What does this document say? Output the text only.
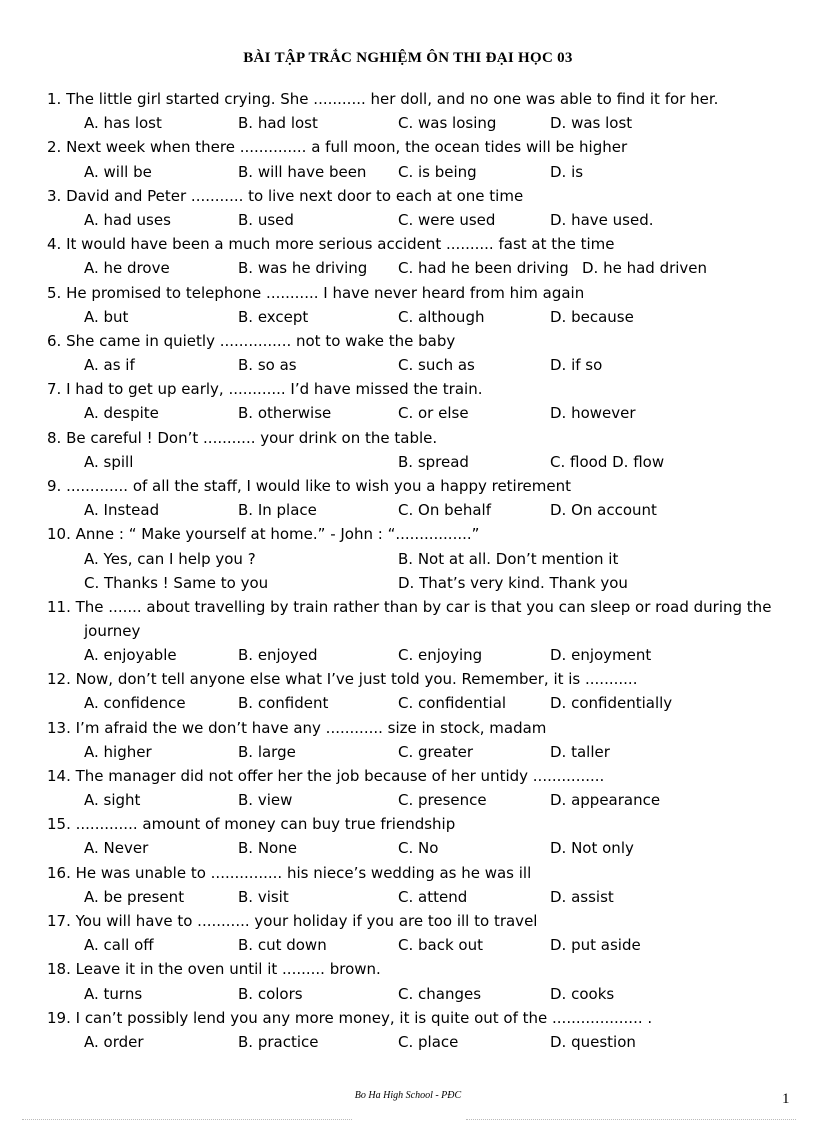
BÀI TẬP TRẮC NGHIỆM ÔN THI ĐẠI HỌC 03
1. The little girl started crying. She ........... her doll, and no one was able to find it for her.
A. has lost	B. had lost	C. was losing	D. was lost
2. Next week when there .............. a full moon, the ocean tides will be higher
A. will be	B. will have been C. is being	D. is
3. David and Peter ........... to live next door to each at one time
A. had uses	B. used	C. were used	D. have used.
4. It would have been a much more serious accident .......... fast at the time
A. he drove	B. was he driving C. had he been driving D. he had driven
5. He promised to telephone ........... I have never heard from him again
A. but	B. except	C. although	D. because
6. She came in quietly ............... not to wake the baby
A. as if	B. so as	C. such as	D. if so
7. I had to get up early, ............ I’d have missed the train.
A. despite	B. otherwise	C. or else	D. however
8. Be careful ! Don’t ........... your drink on the table.
A. spill	B. spread	C. flood D. flow
9. ............. of all the staff, I would like to wish you a happy retirement
A. Instead	B. In place	C. On behalf	D. On account
10. Anne : “ Make yourself at home.” - John : “................”
A. Yes, can I help you ?	B. Not at all. Don’t mention it
C. Thanks ! Same to you	D. That’s very kind. Thank you
11. The ....... about travelling by train rather than by car is that you can sleep or road during the journey
A. enjoyable	B. enjoyed	C. enjoying	D. enjoyment
12. Now, don’t tell anyone else what I’ve just told you. Remember, it is ...........
A. confidence	B. confident	C. confidential	D. confidentially
13. I’m afraid the we don’t have any ............ size in stock, madam
A. higher	B. large	C. greater	D. taller
14. The manager did not offer her the job because of her untidy ...............
A. sight	B. view	C. presence	D. appearance
15. ............. amount of money can buy true friendship
A. Never	B. None	C. No	D. Not only
16. He was unable to ............... his niece’s wedding as he was ill
A. be present	B. visit	C. attend	D. assist
17. You will have to ........... your holiday if you are too ill to travel
A. call off	B. cut down	C. back out	D. put aside
18. Leave it in the oven until it ......... brown.
A. turns	B. colors	C. changes	D. cooks
19. I can’t possibly lend you any more money, it is quite out of the ................... .
A. order	B. practice	C. place	D. question
Bo Ha High School - PĐC	1
